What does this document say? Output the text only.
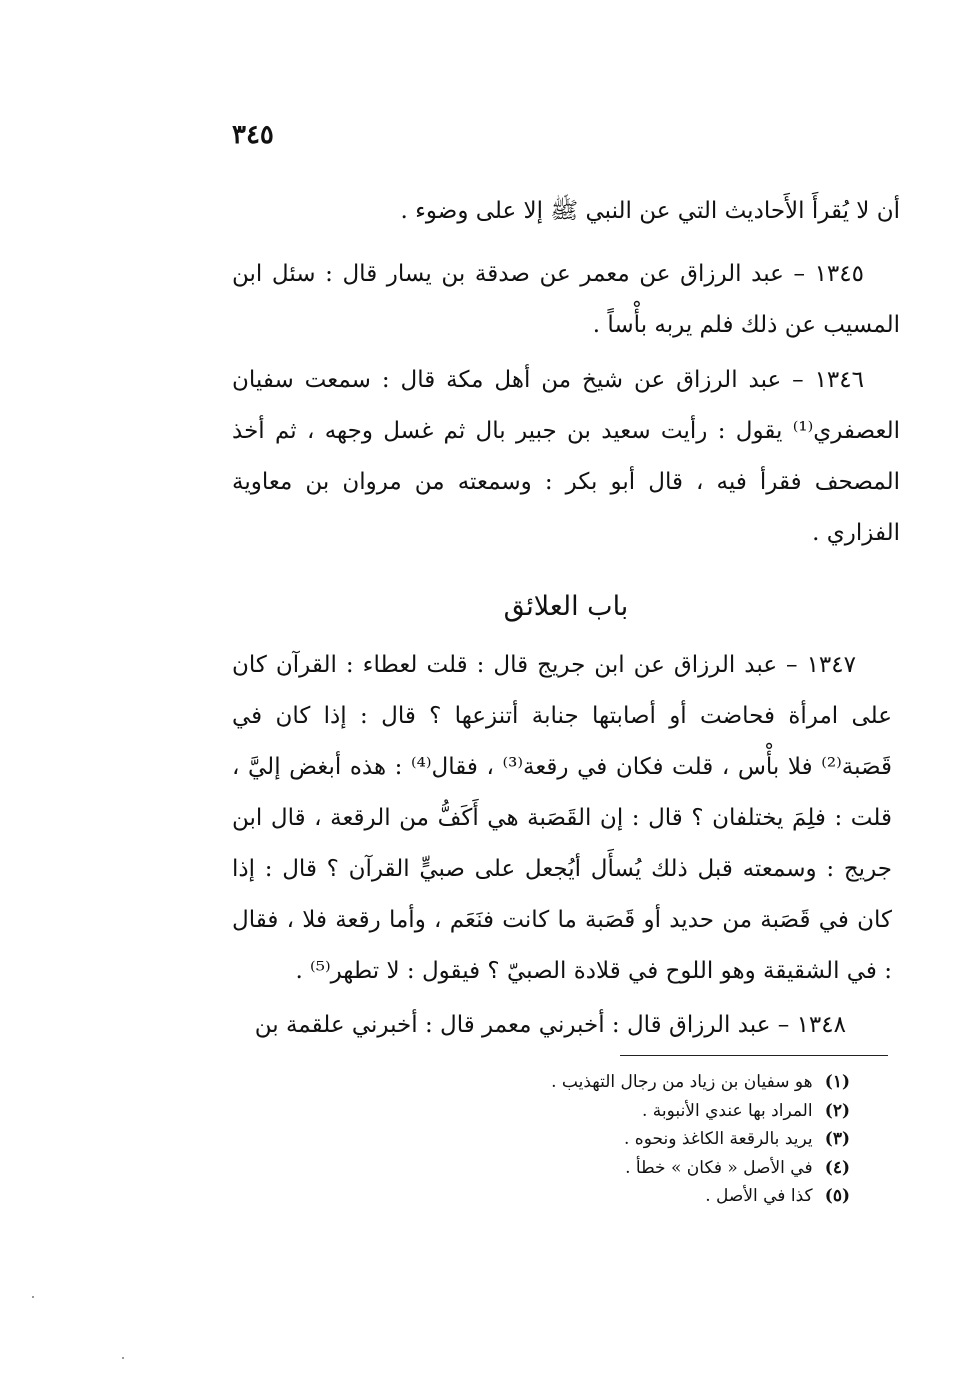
٣٤٥

أن لا يُقرأَ الأَحاديث التي عن النبي ﷺ إلا على وضوء .

١٣٤٥ – عبد الرزاق عن معمر عن صدقة بن يسار قال : سئل ابن المسيب عن ذلك فلم يربه بأْساً .

١٣٤٦ – عبد الرزاق عن شيخ من أهل مكة قال : سمعت سفيان العصفري⁽¹⁾ يقول : رأيت سعيد بن جبير بال ثم غسل وجهه ، ثم أخذ المصحف فقرأ فيه ، قال أبو بكر : وسمعته من مروان بن معاوية الفزاري .

باب العلائق

١٣٤٧ – عبد الرزاق عن ابن جريج قال : قلت لعطاء : القرآن كان على امرأة فحاضت أو أصابتها جنابة أتنزعها ؟ قال : إذا كان في قَصَبة⁽²⁾ فلا بأْس ، قلت فكان في رقعة⁽³⁾ ، فقال⁽⁴⁾ : هذه أبغض إليَّ ، قلت : فلِمَ يختلفان ؟ قال : إن القَصَبة هي أَكَفُّ من الرقعة ، قال ابن جريج : وسمعته قبل ذلك يُسأَل أيُجعل على صبيٍّ القرآن ؟ قال : إذا كان في قَصَبة من حديد أو قَصَبة ما كانت فنَعَم ، وأما رقعة فلا ، فقال : في الشقيقة وهو اللوح في قلادة الصبيّ ؟ فيقول : لا تطهر⁽⁵⁾ .

١٣٤٨ – عبد الرزاق قال : أخبرني معمر قال : أخبرني علقمة بن

(١) هو سفيان بن زياد من رجال التهذيب .
(٢) المراد بها عندي الأنبوبة .
(٣) يريد بالرقعة الكاغذ ونحوه .
(٤) في الأصل « فكان » خطأ .
(٥) كذا في الأصل .
